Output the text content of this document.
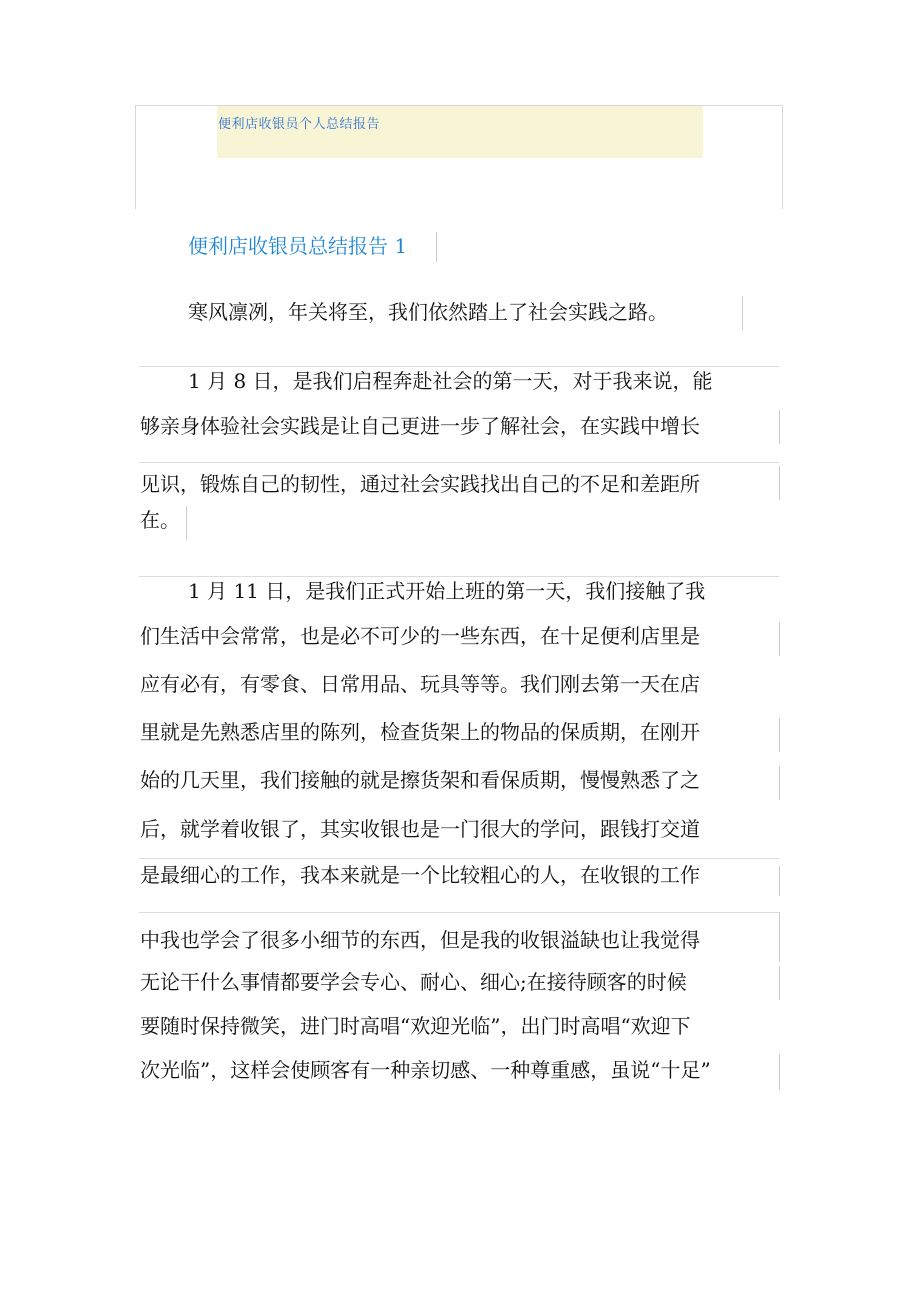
便利店收银员个人总结报告
便利店收银员总结报告 1
寒风凛冽，年关将至，我们依然踏上了社会实践之路。
1 月 8 日，是我们启程奔赴社会的第一天，对于我来说，能
够亲身体验社会实践是让自己更进一步了解社会，在实践中增长
见识，锻炼自己的韧性，通过社会实践找出自己的不足和差距所
在。
1 月 11 日，是我们正式开始上班的第一天，我们接触了我
们生活中会常常，也是必不可少的一些东西，在十足便利店里是
应有必有，有零食、日常用品、玩具等等。我们刚去第一天在店
里就是先熟悉店里的陈列，检查货架上的物品的保质期，在刚开
始的几天里，我们接触的就是擦货架和看保质期，慢慢熟悉了之
后，就学着收银了，其实收银也是一门很大的学问，跟钱打交道
是最细心的工作，我本来就是一个比较粗心的人，在收银的工作
中我也学会了很多小细节的东西，但是我的收银溢缺也让我觉得
无论干什么事情都要学会专心、耐心、细心;在接待顾客的时候
要随时保持微笑，进门时高唱“欢迎光临”，出门时高唱“欢迎下
次光临”，这样会使顾客有一种亲切感、一种尊重感，虽说“十足”
